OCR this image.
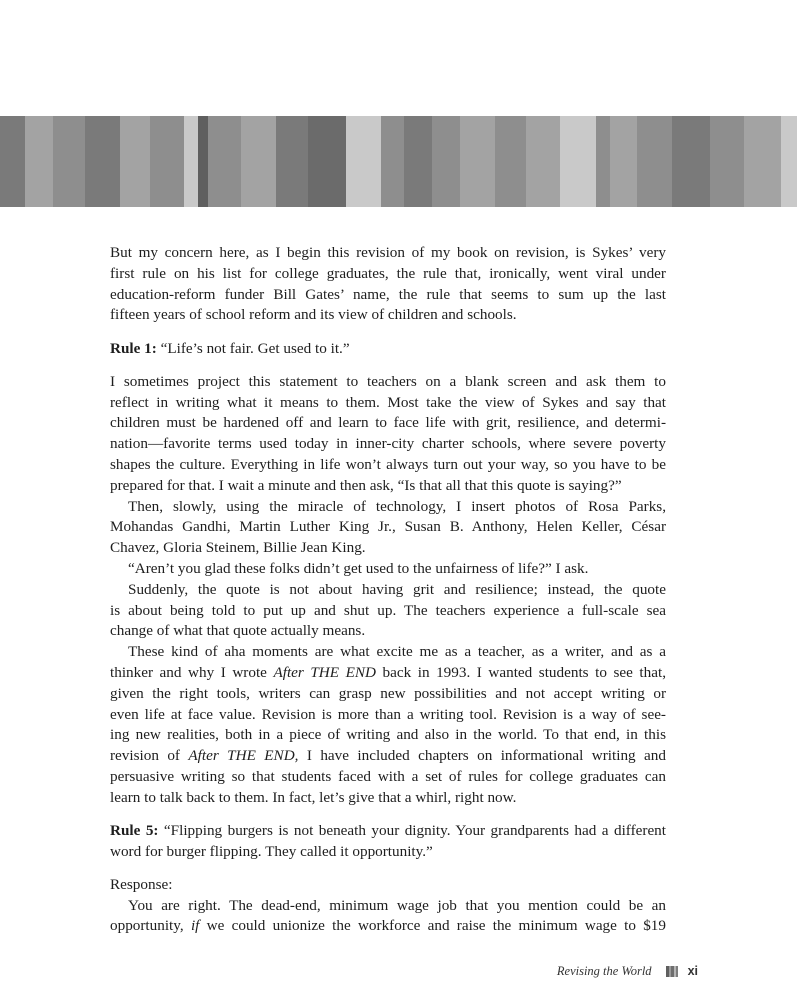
But my concern here, as I begin this revision of my book on revision, is Sykes’ very
first rule on his list for college graduates, the rule that, ironically, went viral under
education-reform funder Bill Gates’ name, the rule that seems to sum up the last
fifteen years of school reform and its view of children and schools.

Rule 1: “Life’s not fair. Get used to it.”

I sometimes project this statement to teachers on a blank screen and ask them to
reflect in writing what it means to them. Most take the view of Sykes and say that
children must be hardened off and learn to face life with grit, resilience, and determi-
nation—favorite terms used today in inner-city charter schools, where severe poverty
shapes the culture. Everything in life won’t always turn out your way, so you have to be
prepared for that. I wait a minute and then ask, “Is that all that this quote is saying?”

Then, slowly, using the miracle of technology, I insert photos of Rosa Parks,
Mohandas Gandhi, Martin Luther King Jr., Susan B. Anthony, Helen Keller, César
Chavez, Gloria Steinem, Billie Jean King.

“Aren’t you glad these folks didn’t get used to the unfairness of life?” I ask.

Suddenly, the quote is not about having grit and resilience; instead, the quote
is about being told to put up and shut up. The teachers experience a full-scale sea
change of what that quote actually means.

These kind of aha moments are what excite me as a teacher, as a writer, and as a
thinker and why I wrote After THE END back in 1993. I wanted students to see that,
given the right tools, writers can grasp new possibilities and not accept writing or
even life at face value. Revision is more than a writing tool. Revision is a way of see-
ing new realities, both in a piece of writing and also in the world. To that end, in this
revision of After THE END, I have included chapters on informational writing and
persuasive writing so that students faced with a set of rules for college graduates can
learn to talk back to them. In fact, let’s give that a whirl, right now.

Rule 5: “Flipping burgers is not beneath your dignity. Your grandparents had a different
word for burger flipping. They called it opportunity.”

Response:

You are right. The dead-end, minimum wage job that you mention could be an
opportunity, if we could unionize the workforce and raise the minimum wage to $19

Revising the World	xi
